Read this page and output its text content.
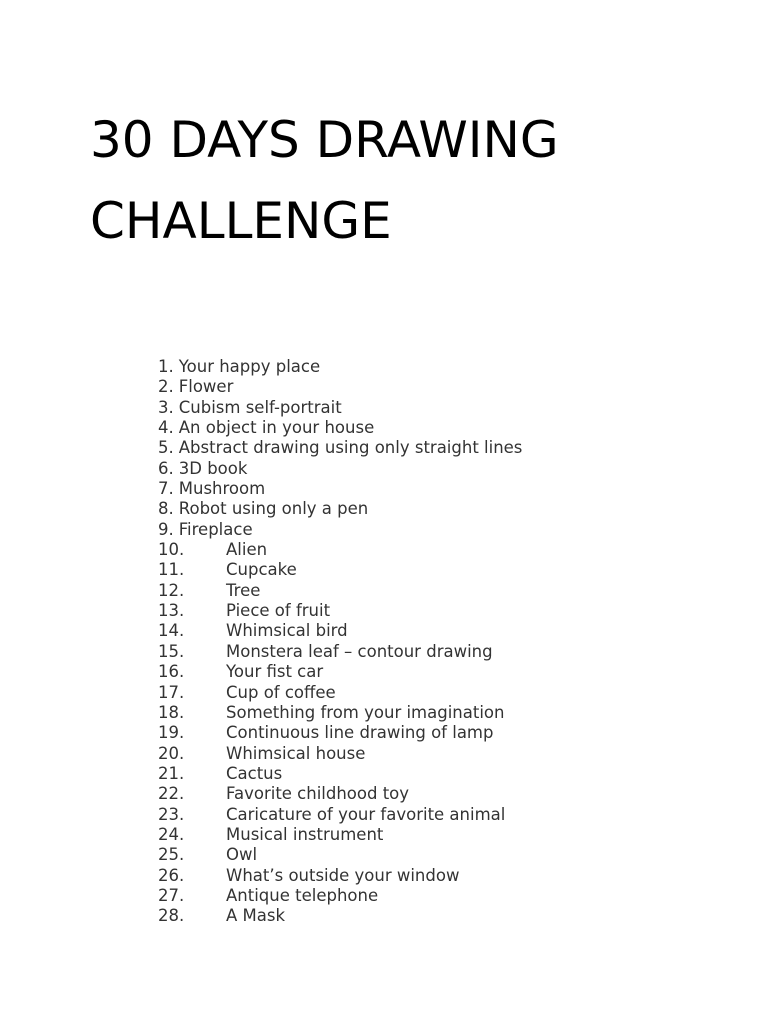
30 DAYS DRAWING
CHALLENGE
1. Your happy place
2. Flower
3. Cubism self-portrait
4. An object in your house
5. Abstract drawing using only straight lines
6. 3D book
7. Mushroom
8. Robot using only a pen
9. Fireplace
10.	Alien
11.	Cupcake
12.	Tree
13.	Piece of fruit
14.	Whimsical bird
15.	Monstera leaf – contour drawing
16.	Your fist car
17.	Cup of coffee
18.	Something from your imagination
19.	Continuous line drawing of lamp
20.	Whimsical house
21.	Cactus
22.	Favorite childhood toy
23.	Caricature of your favorite animal
24.	Musical instrument
25.	Owl
26.	What’s outside your window
27.	Antique telephone
28.	A Mask
